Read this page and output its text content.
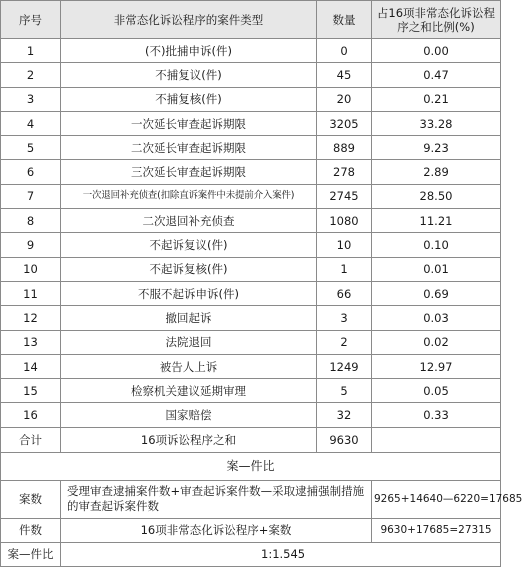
序号	非常态化诉讼程序的案件类型	数量	占16项非常态化诉讼程序之和比例(%)
1	(不)批捕申诉(件)	0	0.00
2	不捕复议(件)	45	0.47
3	不捕复核(件)	20	0.21
4	一次延长审查起诉期限	3205	33.28
5	二次延长审查起诉期限	889	9.23
6	三次延长审查起诉期限	278	2.89
7	一次退回补充侦查(扣除直诉案件中未提前介入案件)	2745	28.50
8	二次退回补充侦查	1080	11.21
9	不起诉复议(件)	10	0.10
10	不起诉复核(件)	1	0.01
11	不服不起诉申诉(件)	66	0.69
12	撤回起诉	3	0.03
13	法院退回	2	0.02
14	被告人上诉	1249	12.97
15	检察机关建议延期审理	5	0.05
16	国家赔偿	32	0.33
合计	16项诉讼程序之和	9630	
案—件比			
案数	受理审查逮捕案件数+审查起诉案件数—采取逮捕强制措施的审查起诉案件数		9265+14640—6220=17685
件数	16项非常态化诉讼程序+案数		9630+17685=27315
案—件比	1:1.545		
